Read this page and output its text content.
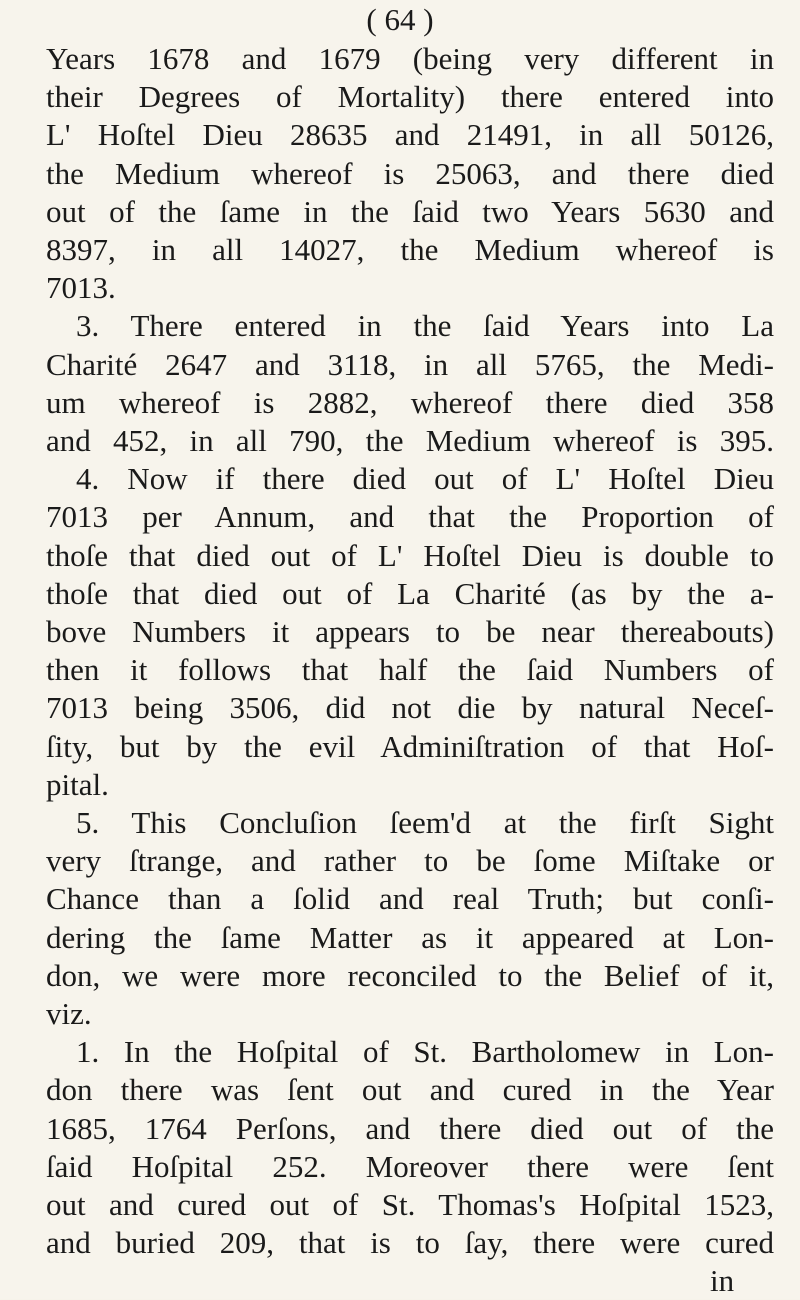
( 64 )
Years 1678 and 1679 (being very different in
their Degrees of Mortality) there entered into
L' Hoſtel Dieu 28635 and 21491, in all 50126,
the Medium whereof is 25063, and there died
out of the ſame in the ſaid two Years 5630 and
8397, in all 14027, the Medium whereof is
7013.
3. There entered in the ſaid Years into La
Charité 2647 and 3118, in all 5765, the Medi-
um whereof is 2882, whereof there died 358
and 452, in all 790, the Medium whereof is 395.
4. Now if there died out of L' Hoſtel Dieu
7013 per Annum, and that the Proportion of
thoſe that died out of L' Hoſtel Dieu is double to
thoſe that died out of La Charité (as by the a-
bove Numbers it appears to be near thereabouts)
then it follows that half the ſaid Numbers of
7013 being 3506, did not die by natural Neceſ-
ſity, but by the evil Adminiſtration of that Hoſ-
pital.
5. This Concluſion ſeem'd at the firſt Sight
very ſtrange, and rather to be ſome Miſtake or
Chance than a ſolid and real Truth; but conſi-
dering the ſame Matter as it appeared at Lon-
don, we were more reconciled to the Belief of it,
viz.
1. In the Hoſpital of St. Bartholomew in Lon-
don there was ſent out and cured in the Year
1685, 1764 Perſons, and there died out of the
ſaid Hoſpital 252. Moreover there were ſent
out and cured out of St. Thomas's Hoſpital 1523,
and buried 209, that is to ſay, there were cured
in
